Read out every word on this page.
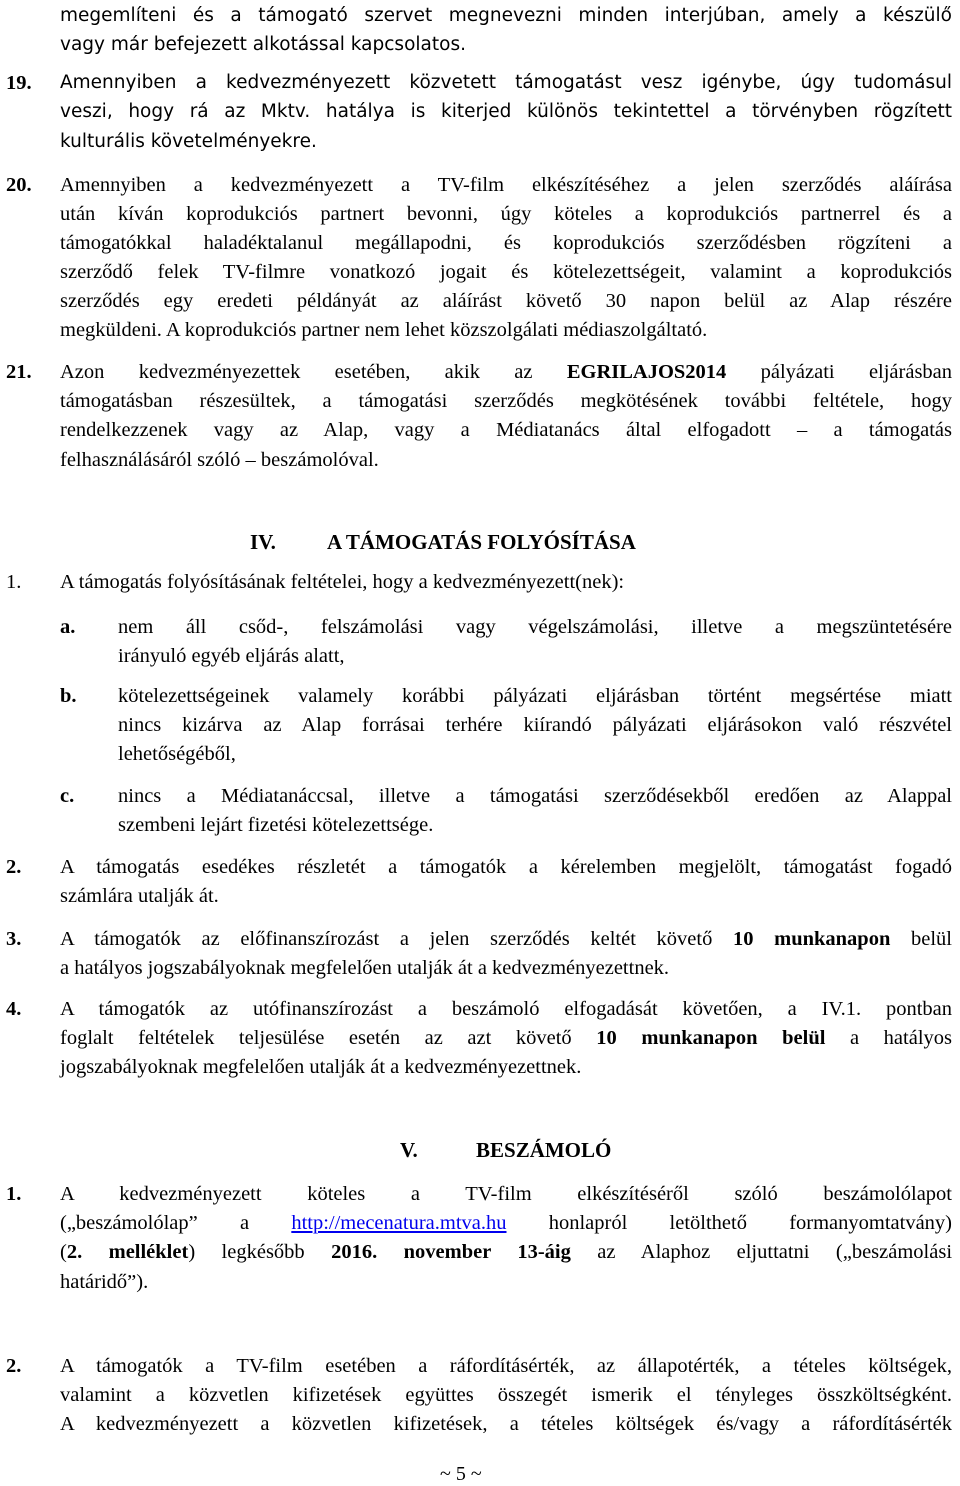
megemlíteni és a támogató szervet megnevezni minden interjúban, amely a készülő
vagy már befejezett alkotással kapcsolatos.
19. Amennyiben a kedvezményezett közvetett támogatást vesz igénybe, úgy tudomásul
veszi, hogy rá az Mktv. hatálya is kiterjed különös tekintettel a törvényben rögzített
kulturális követelményekre.
20. Amennyiben a kedvezményezett a TV-film elkészítéséhez a jelen szerződés aláírása
után kíván koprodukciós partnert bevonni, úgy köteles a koprodukciós partnerrel és a
támogatókkal haladéktalanul megállapodni, és koprodukciós szerződésben rögzíteni a
szerződő felek TV-filmre vonatkozó jogait és kötelezettségeit, valamint a koprodukciós
szerződés egy eredeti példányát az aláírást követő 30 napon belül az Alap részére
megküldeni. A koprodukciós partner nem lehet közszolgálati médiaszolgáltató.
21. Azon kedvezményezettek esetében, akik az EGRILAJOS2014 pályázati eljárásban
támogatásban részesültek, a támogatási szerződés megkötésének további feltétele, hogy
rendelkezzenek vagy az Alap, vagy a Médiatanács által elfogadott – a támogatás
felhasználásáról szóló – beszámolóval.
IV. A TÁMOGATÁS FOLYÓSÍTÁSA
1. A támogatás folyósításának feltételei, hogy a kedvezményezett(nek):
a. nem áll csőd-, felszámolási vagy végelszámolási, illetve a megszüntetésére
irányuló egyéb eljárás alatt,
b. kötelezettségeinek valamely korábbi pályázati eljárásban történt megsértése miatt
nincs kizárva az Alap forrásai terhére kiírandó pályázati eljárásokon való részvétel
lehetőségéből,
c. nincs a Médiatanáccsal, illetve a támogatási szerződésekből eredően az Alappal
szembeni lejárt fizetési kötelezettsége.
2. A támogatás esedékes részletét a támogatók a kérelemben megjelölt, támogatást fogadó
számlára utalják át.
3. A támogatók az előfinanszírozást a jelen szerződés keltét követő 10 munkanapon belül
a hatályos jogszabályoknak megfelelően utalják át a kedvezményezettnek.
4. A támogatók az utófinanszírozást a beszámoló elfogadását követően, a IV.1. pontban
foglalt feltételek teljesülése esetén az azt követő 10 munkanapon belül a hatályos
jogszabályoknak megfelelően utalják át a kedvezményezettnek.
V.	BESZÁMOLÓ
1. A kedvezményezett köteles a TV-film elkészítéséről szóló beszámolólapot
(„beszámolólap” a http://mecenatura.mtva.hu honlapról letölthető formanyomtatvány)
(2. melléklet) legkésőbb 2016. november 13-áig az Alaphoz eljuttatni („beszámolási
határidő”).
2. A támogatók a TV-film esetében a ráfordításérték, az állapotérték, a tételes költségek,
valamint a közvetlen kifizetések együttes összegét ismerik el tényleges összköltségként.
A kedvezményezett a közvetlen kifizetések, a tételes költségek és/vagy a ráfordításérték
~ 5 ~
